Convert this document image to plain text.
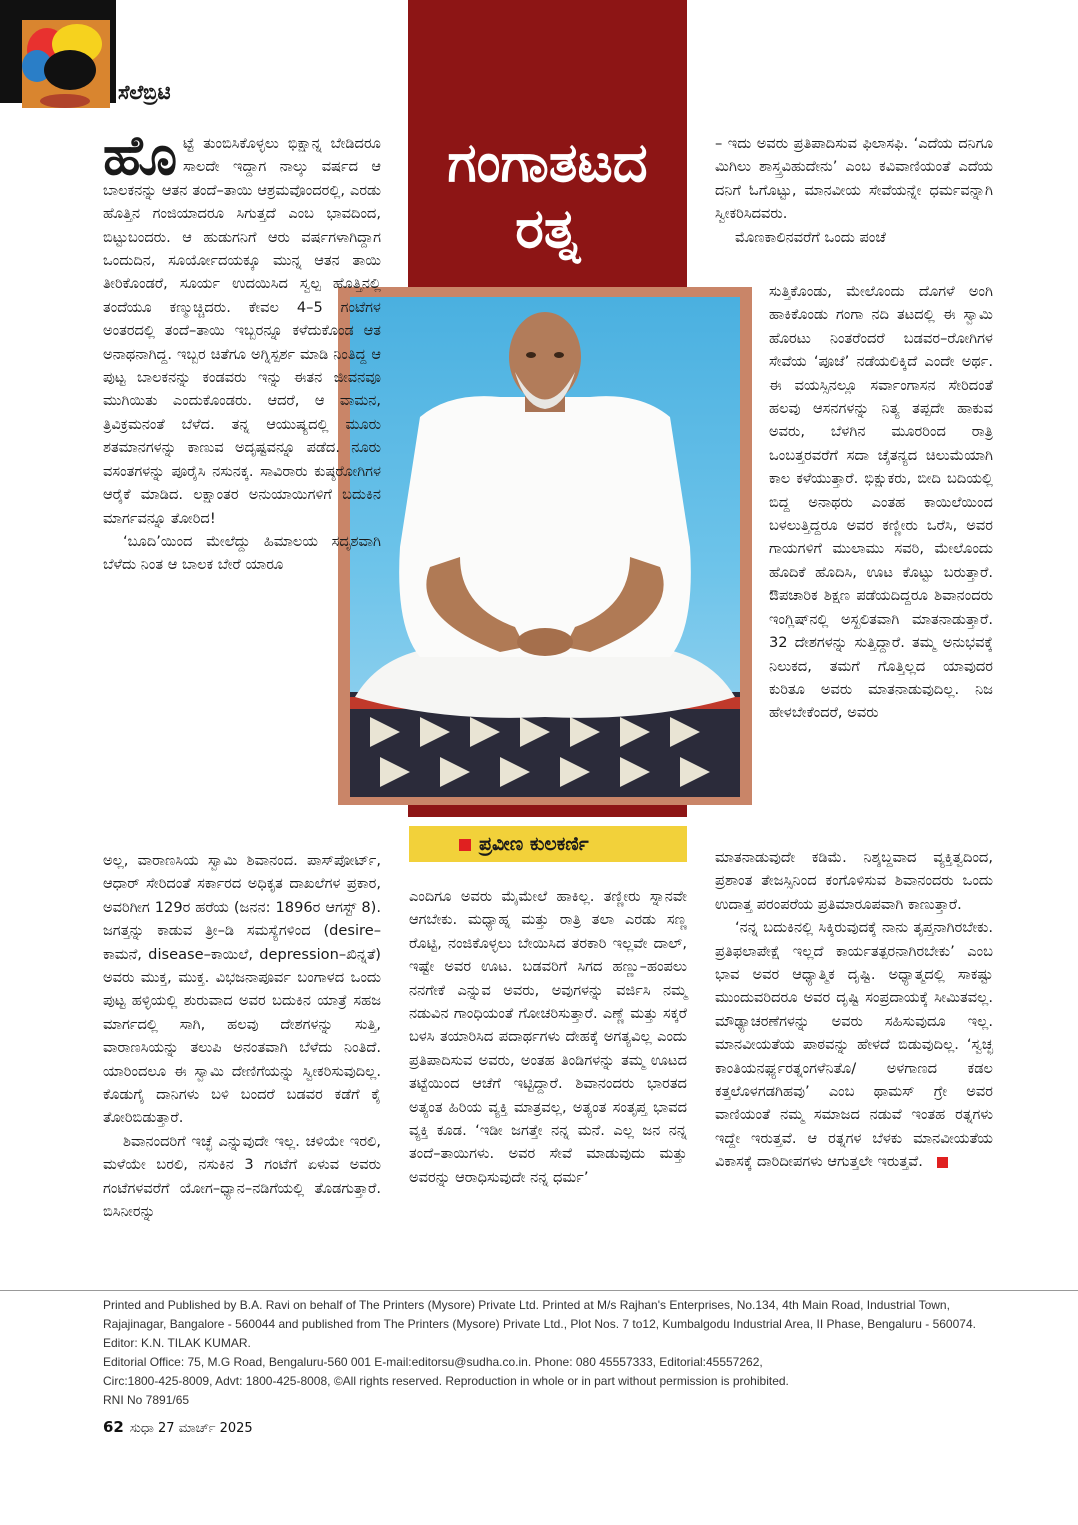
ಸೆಲೆಬ್ರಿಟಿ
ಗಂಗಾತಟದ
ರತ್ನ
ಪ್ರವೀಣ ಕುಲಕರ್ಣಿ

ಹೊಟ್ಟೆ ತುಂಬಿಸಿಕೊಳ್ಳಲು ಭಿಕ್ಷಾನ್ನ ಬೇಡಿದರೂ ಸಾಲದೇ ಇದ್ದಾಗ ನಾಲ್ಕು ವರ್ಷದ ಆ ಬಾಲಕನನ್ನು ಆತನ ತಂದೆ–ತಾಯಿ ಆಶ್ರಮವೊಂದರಲ್ಲಿ, ಎರಡು ಹೊತ್ತಿನ ಗಂಜಿಯಾದರೂ ಸಿಗುತ್ತದೆ ಎಂಬ ಭಾವದಿಂದ, ಬಿಟ್ಟುಬಂದರು. ಆ ಹುಡುಗನಿಗೆ ಆರು ವರ್ಷಗಳಾಗಿದ್ದಾಗ ಒಂದುದಿನ, ಸೂರ್ಯೋದಯಕ್ಕೂ ಮುನ್ನ ಆತನ ತಾಯಿ ತೀರಿಕೊಂಡರೆ, ಸೂರ್ಯ ಉದಯಿಸಿದ ಸ್ವಲ್ಪ ಹೊತ್ತಿನಲ್ಲಿ ತಂದೆಯೂ ಕಣ್ಮುಚ್ಚಿದರು. ಕೇವಲ 4–5 ಗಂಟೆಗಳ ಅಂತರದಲ್ಲಿ ತಂದೆ–ತಾಯಿ ಇಬ್ಬರನ್ನೂ ಕಳೆದುಕೊಂಡ ಆತ ಅನಾಥನಾಗಿದ್ದ. ಇಬ್ಬರ ಚಿತೆಗೂ ಅಗ್ನಿಸ್ಪರ್ಶ ಮಾಡಿ ನಿಂತಿದ್ದ ಆ ಪುಟ್ಟ ಬಾಲಕನನ್ನು ಕಂಡವರು ಇನ್ನು ಈತನ ಜೀವನವೂ ಮುಗಿಯಿತು ಎಂದುಕೊಂಡರು. ಆದರೆ, ಆ ವಾಮನ, ತ್ರಿವಿಕ್ರಮನಂತೆ ಬೆಳೆದ. ತನ್ನ ಆಯುಷ್ಯದಲ್ಲಿ ಮೂರು ಶತಮಾನಗಳನ್ನು ಕಾಣುವ ಅದೃಷ್ಟವನ್ನೂ ಪಡೆದ. ನೂರು ವಸಂತಗಳನ್ನು ಪೂರೈಸಿ ನಸುನಕ್ಕ. ಸಾವಿರಾರು ಕುಷ್ಠರೋಗಿಗಳ ಆರೈಕೆ ಮಾಡಿದ. ಲಕ್ಷಾಂತರ ಅನುಯಾಯಿಗಳಿಗೆ ಬದುಕಿನ ಮಾರ್ಗವನ್ನೂ ತೋರಿದ!

‘ಬೂದಿ’ಯಿಂದ ಮೇಲೆದ್ದು ಹಿಮಾಲಯ ಸದೃಶವಾಗಿ ಬೆಳೆದು ನಿಂತ ಆ ಬಾಲಕ ಬೇರೆ ಯಾರೂ

ಅಲ್ಲ, ವಾರಾಣಸಿಯ ಸ್ವಾಮಿ ಶಿವಾನಂದ. ಪಾಸ್‌ಪೋರ್ಟ್, ಆಧಾರ್ ಸೇರಿದಂತೆ ಸರ್ಕಾರದ ಅಧಿಕೃತ ದಾಖಲೆಗಳ ಪ್ರಕಾರ, ಅವರಿಗೀಗ 129ರ ಹರೆಯ (ಜನನ: 1896ರ ಆಗಸ್ಟ್ 8). ಜಗತ್ತನ್ನು ಕಾಡುವ ತ್ರೀ–ಡಿ ಸಮಸ್ಯೆಗಳಿಂದ (desire–ಕಾಮನೆ, disease–ಕಾಯಿಲೆ, depression–ಖಿನ್ನತೆ) ಅವರು ಮುಕ್ತ, ಮುಕ್ತ. ವಿಭಜನಾಪೂರ್ವ ಬಂಗಾಳದ ಒಂದು ಪುಟ್ಟ ಹಳ್ಳಿಯಲ್ಲಿ ಶುರುವಾದ ಅವರ ಬದುಕಿನ ಯಾತ್ರೆ ಸಹಜ ಮಾರ್ಗದಲ್ಲಿ ಸಾಗಿ, ಹಲವು ದೇಶಗಳನ್ನು ಸುತ್ತಿ, ವಾರಾಣಸಿಯನ್ನು ತಲುಪಿ ಅನಂತವಾಗಿ ಬೆಳೆದು ನಿಂತಿದೆ. ಯಾರಿಂದಲೂ ಈ ಸ್ವಾಮಿ ದೇಣಿಗೆಯನ್ನು ಸ್ವೀಕರಿಸುವುದಿಲ್ಲ. ಕೊಡುಗೈ ದಾನಿಗಳು ಬಳಿ ಬಂದರೆ ಬಡವರ ಕಡೆಗೆ ಕೈ ತೋರಿಬಿಡುತ್ತಾರೆ.

ಶಿವಾನಂದರಿಗೆ ಇಚ್ಛೆ ಎನ್ನುವುದೇ ಇಲ್ಲ. ಚಳಿಯೇ ಇರಲಿ, ಮಳೆಯೇ ಬರಲಿ, ನಸುಕಿನ 3 ಗಂಟೆಗೆ ಏಳುವ ಅವರು ಗಂಟೆಗಳವರೆಗೆ ಯೋಗ–ಧ್ಯಾನ–ನಡಿಗೆಯಲ್ಲಿ ತೊಡಗುತ್ತಾರೆ. ಬಿಸಿನೀರನ್ನು

ಎಂದಿಗೂ ಅವರು ಮೈಮೇಲೆ ಹಾಕಿಲ್ಲ. ತಣ್ಣೀರು ಸ್ನಾನವೇ ಆಗಬೇಕು. ಮಧ್ಯಾಹ್ನ ಮತ್ತು ರಾತ್ರಿ ತಲಾ ಎರಡು ಸಣ್ಣ ರೊಟ್ಟಿ, ನಂಜಿಕೊಳ್ಳಲು ಬೇಯಿಸಿದ ತರಕಾರಿ ಇಲ್ಲವೇ ದಾಲ್, ಇಷ್ಟೇ ಅವರ ಊಟ. ಬಡವರಿಗೆ ಸಿಗದ ಹಣ್ಣು–ಹಂಪಲು ನನಗೇಕೆ ಎನ್ನುವ ಅವರು, ಅವುಗಳನ್ನು ವರ್ಜಿಸಿ ನಮ್ಮ ನಡುವಿನ ಗಾಂಧಿಯಂತೆ ಗೋಚರಿಸುತ್ತಾರೆ. ಎಣ್ಣೆ ಮತ್ತು ಸಕ್ಕರೆ ಬಳಸಿ ತಯಾರಿಸಿದ ಪದಾರ್ಥಗಳು ದೇಹಕ್ಕೆ ಅಗತ್ಯವಿಲ್ಲ ಎಂದು ಪ್ರತಿಪಾದಿಸುವ ಅವರು, ಅಂತಹ ತಿಂಡಿಗಳನ್ನು ತಮ್ಮ ಊಟದ ತಟ್ಟೆಯಿಂದ ಆಚೆಗೆ ಇಟ್ಟಿದ್ದಾರೆ. ಶಿವಾನಂದರು ಭಾರತದ ಅತ್ಯಂತ ಹಿರಿಯ ವ್ಯಕ್ತಿ ಮಾತ್ರವಲ್ಲ, ಅತ್ಯಂತ ಸಂತೃಪ್ತ ಭಾವದ ವ್ಯಕ್ತಿ ಕೂಡ. ‘ಇಡೀ ಜಗತ್ತೇ ನನ್ನ ಮನೆ. ಎಲ್ಲ ಜನ ನನ್ನ ತಂದೆ–ತಾಯಿಗಳು. ಅವರ ಸೇವೆ ಮಾಡುವುದು ಮತ್ತು ಅವರನ್ನು ಆರಾಧಿಸುವುದೇ ನನ್ನ ಧರ್ಮ’

– ಇದು ಅವರು ಪ್ರತಿಪಾದಿಸುವ ಫಿಲಾಸಫಿ. ‘ಎದೆಯ ದನಿಗೂ ಮಿಗಿಲು ಶಾಸ್ತ್ರವಿಹುದೇನು’ ಎಂಬ ಕವಿವಾಣಿಯಂತೆ ಎದೆಯ ದನಿಗೆ ಓಗೊಟ್ಟು, ಮಾನವೀಯ ಸೇವೆಯನ್ನೇ ಧರ್ಮವನ್ನಾಗಿ ಸ್ವೀಕರಿಸಿದವರು.

ಮೊಣಕಾಲಿನವರೆಗೆ ಒಂದು ಪಂಚೆ

ಸುತ್ತಿಕೊಂಡು, ಮೇಲೊಂದು ದೊಗಳೆ ಅಂಗಿ ಹಾಕಿಕೊಂಡು ಗಂಗಾ ನದಿ ತಟದಲ್ಲಿ ಈ ಸ್ವಾಮಿ ಹೊರಟು ನಿಂತರೆಂದರೆ ಬಡವರ–ರೋಗಿಗಳ ಸೇವೆಯ ‘ಪೂಜೆ’ ನಡೆಯಲಿಕ್ಕಿದೆ ಎಂದೇ ಅರ್ಥ. ಈ ವಯಸ್ಸಿನಲ್ಲೂ ಸರ್ವಾಂಗಾಸನ ಸೇರಿದಂತೆ ಹಲವು ಆಸನಗಳನ್ನು ನಿತ್ಯ ತಪ್ಪದೇ ಹಾಕುವ ಅವರು, ಬೆಳಗಿನ ಮೂರರಿಂದ ರಾತ್ರಿ ಒಂಬತ್ತರವರೆಗೆ ಸದಾ ಚೈತನ್ಯದ ಚಿಲುಮೆಯಾಗಿ ಕಾಲ ಕಳೆಯುತ್ತಾರೆ. ಭಿಕ್ಷುಕರು, ಬೀದಿ ಬದಿಯಲ್ಲಿ ಬಿದ್ದ ಅನಾಥರು ಎಂತಹ ಕಾಯಿಲೆಯಿಂದ ಬಳಲುತ್ತಿದ್ದರೂ ಅವರ ಕಣ್ಣೀರು ಒರೆಸಿ, ಅವರ ಗಾಯಗಳಿಗೆ ಮುಲಾಮು ಸವರಿ, ಮೇಲೊಂದು ಹೊದಿಕೆ ಹೊದಿಸಿ, ಊಟ ಕೊಟ್ಟು ಬರುತ್ತಾರೆ. ಔಪಚಾರಿಕ ಶಿಕ್ಷಣ ಪಡೆಯದಿದ್ದರೂ ಶಿವಾನಂದರು ಇಂಗ್ಲಿಷ್‌ನಲ್ಲಿ ಅಸ್ಖಲಿತವಾಗಿ ಮಾತನಾಡುತ್ತಾರೆ. 32 ದೇಶಗಳನ್ನು ಸುತ್ತಿದ್ದಾರೆ. ತಮ್ಮ ಅನುಭವಕ್ಕೆ ನಿಲುಕದ, ತಮಗೆ ಗೊತ್ತಿಲ್ಲದ ಯಾವುದರ ಕುರಿತೂ ಅವರು ಮಾತನಾಡುವುದಿಲ್ಲ. ನಿಜ ಹೇಳಬೇಕೆಂದರೆ, ಅವರು

ಮಾತನಾಡುವುದೇ ಕಡಿಮೆ. ನಿಶ್ಶಬ್ದವಾದ ವ್ಯಕ್ತಿತ್ವದಿಂದ, ಪ್ರಶಾಂತ ತೇಜಸ್ಸಿನಿಂದ ಕಂಗೊಳಿಸುವ ಶಿವಾನಂದರು ಒಂದು ಉದಾತ್ತ ಪರಂಪರೆಯ ಪ್ರತಿಮಾರೂಪವಾಗಿ ಕಾಣುತ್ತಾರೆ.

‘ನನ್ನ ಬದುಕಿನಲ್ಲಿ ಸಿಕ್ಕಿರುವುದಕ್ಕೆ ನಾನು ತೃಪ್ತನಾಗಿರಬೇಕು. ಪ್ರತಿಫಲಾಪೇಕ್ಷೆ ಇಲ್ಲದೆ ಕಾರ್ಯತತ್ಪರನಾಗಿರಬೇಕು’ ಎಂಬ ಭಾವ ಅವರ ಆಧ್ಯಾತ್ಮಿಕ ದೃಷ್ಟಿ. ಅಧ್ಯಾತ್ಮದಲ್ಲಿ ಸಾಕಷ್ಟು ಮುಂದುವರಿದರೂ ಅವರ ದೃಷ್ಟಿ ಸಂಪ್ರದಾಯಕ್ಕೆ ಸೀಮಿತವಲ್ಲ. ಮೌಢ್ಯಾಚರಣೆಗಳನ್ನು ಅವರು ಸಹಿಸುವುದೂ ಇಲ್ಲ. ಮಾನವೀಯತೆಯ ಪಾಠವನ್ನು ಹೇಳದೆ ಬಿಡುವುದಿಲ್ಲ. ‘ಸ್ವಚ್ಛ ಕಾಂತಿಯನರ್ಘ್ಯರತ್ನಂಗಳೆನಿತೊ/ ಅಳಗಾಣದ ಕಡಲ ಕತ್ತಲೊಳಗಡಗಿಹವು’ ಎಂಬ ಥಾಮಸ್ ಗ್ರೇ ಅವರ ವಾಣಿಯಂತೆ ನಮ್ಮ ಸಮಾಜದ ನಡುವೆ ಇಂತಹ ರತ್ನಗಳು ಇದ್ದೇ ಇರುತ್ತವೆ. ಆ ರತ್ನಗಳ ಬೆಳಕು ಮಾನವೀಯತೆಯ ವಿಕಾಸಕ್ಕೆ ದಾರಿದೀಪಗಳು ಆಗುತ್ತಲೇ ಇರುತ್ತವೆ.

Printed and Published by B.A. Ravi on behalf of The Printers (Mysore) Private Ltd. Printed at M/s Rajhan's Enterprises, No.134, 4th Main Road, Industrial Town, Rajajinagar, Bangalore - 560044 and published from The Printers (Mysore) Private Ltd., Plot Nos. 7 to12, Kumbalgodu Industrial Area, II Phase, Bengaluru - 560074. Editor: K.N. TILAK KUMAR.

Editorial Office: 75, M.G Road, Bengaluru-560 001 E-mail:editorsu@sudha.co.in. Phone: 080 45557333, Editorial:45557262,

Circ:1800-425-8009, Advt: 1800-425-8008, ©All rights reserved. Reproduction in whole or in part without permission is prohibited.

RNI No 7891/65

62 ಸುಧಾ 27 ಮಾರ್ಚ್ 2025
